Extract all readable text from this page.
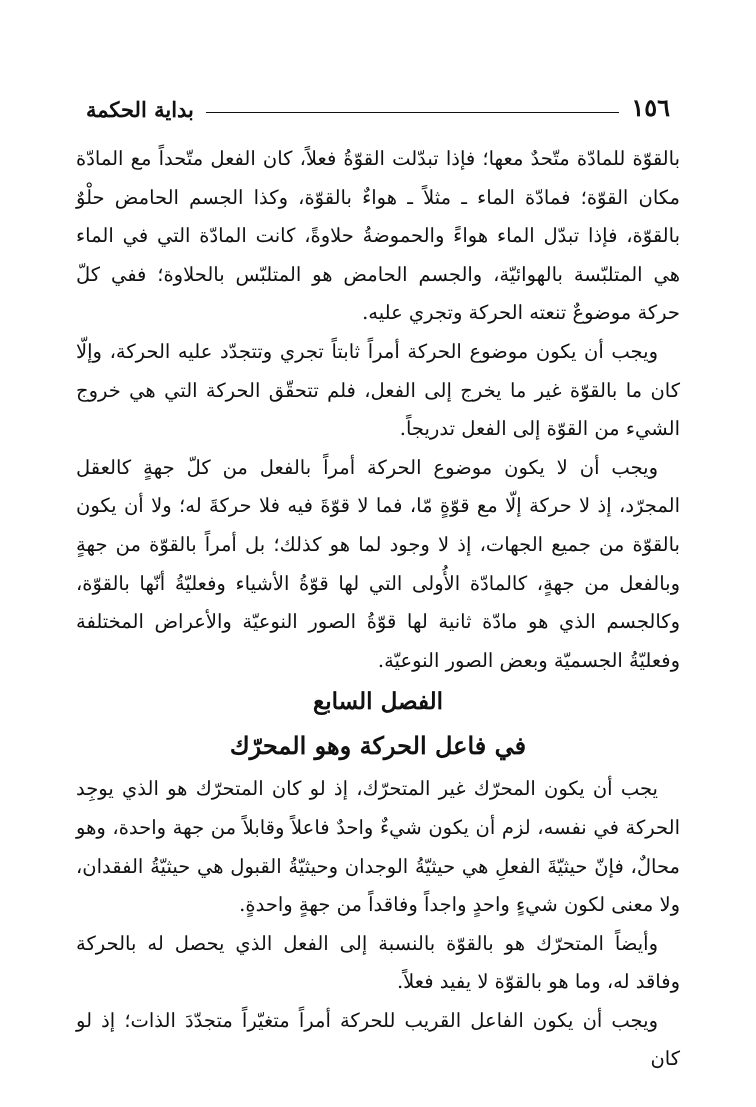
١٥٦
بداية الحكمة

بالقوّة للمادّة متّحدٌ معها؛ فإذا تبدّلت القوّةُ فعلاً، كان الفعل متّحداً مع المادّة مكان القوّة؛ فمادّة الماء ـ مثلاً ـ هواءٌ بالقوّة، وكذا الجسم الحامض حلْوٌ بالقوّة، فإذا تبدّل الماء هواءً والحموضةُ حلاوةً، كانت المادّة التي في الماء هي المتلبّسة بالهوائيّة، والجسم الحامض هو المتلبّس بالحلاوة؛ ففي كلّ حركة موضوعٌ تنعته الحركة وتجري عليه.

ويجب أن يكون موضوع الحركة أمراً ثابتاً تجري وتتجدّد عليه الحركة، وإلّا كان ما بالقوّة غير ما يخرج إلى الفعل، فلم تتحقّق الحركة التي هي خروج الشيء من القوّة إلى الفعل تدريجاً.

ويجب أن لا يكون موضوع الحركة أمراً بالفعل من كلّ جهةٍ كالعقل المجرّد، إذ لا حركة إلّا مع قوّةٍ مّا، فما لا قوّةَ فيه فلا حركةَ له؛ ولا أن يكون بالقوّة من جميع الجهات، إذ لا وجود لما هو كذلك؛ بل أمراً بالقوّة من جهةٍ وبالفعل من جهةٍ، كالمادّة الأُولى التي لها قوّةُ الأشياء وفعليّةُ أنّها بالقوّة، وكالجسم الذي هو مادّة ثانية لها قوّةُ الصور النوعيّة والأعراض المختلفة وفعليّةُ الجسميّة وبعض الصور النوعيّة.

الفصل السابع

في فاعل الحركة وهو المحرّك

يجب أن يكون المحرّك غير المتحرّك، إذ لو كان المتحرّك هو الذي يوجِد الحركة في نفسه، لزم أن يكون شيءٌ واحدٌ فاعلاً وقابلاً من جهة واحدة، وهو محالٌ، فإنّ حيثيّةَ الفعلِ هي حيثيّةُ الوجدان وحيثيّةُ القبول هي حيثيّةُ الفقدان، ولا معنى لكون شيءٍ واحدٍ واجداً وفاقداً من جهةٍ واحدةٍ.

وأيضاً المتحرّك هو بالقوّة بالنسبة إلى الفعل الذي يحصل له بالحركة وفاقد له، وما هو بالقوّة لا يفيد فعلاً.

ويجب أن يكون الفاعل القريب للحركة أمراً متغيّراً متجدّدَ الذات؛ إذ لو كان
